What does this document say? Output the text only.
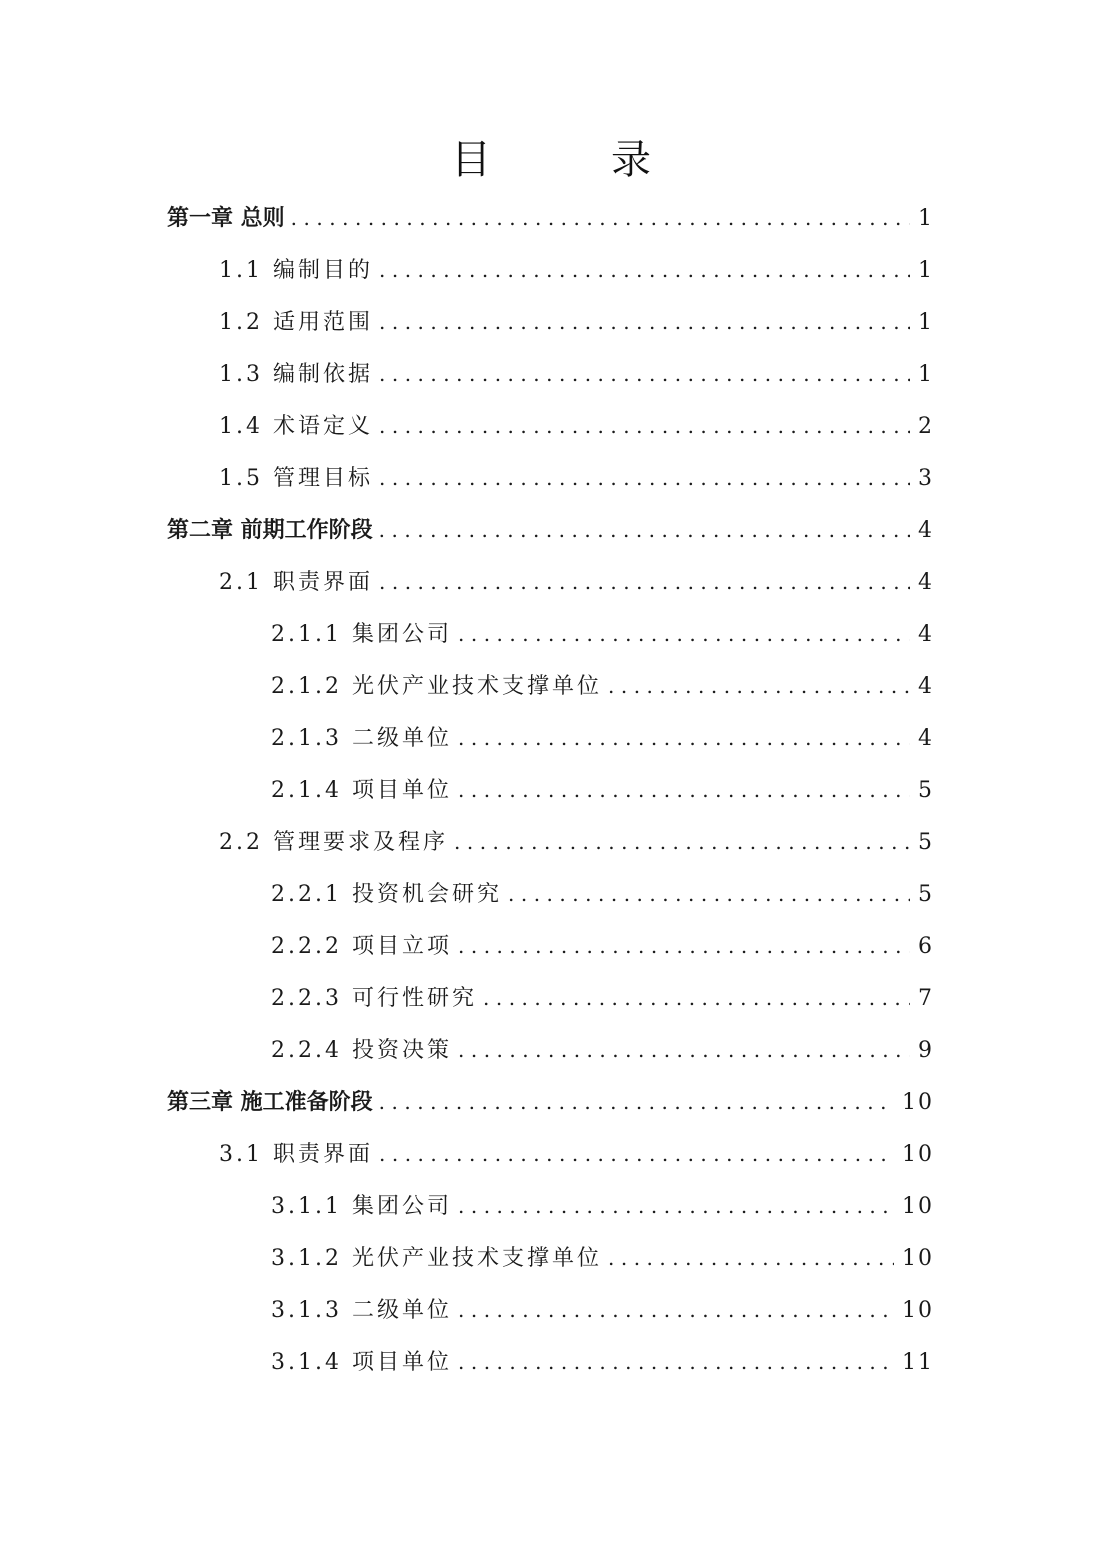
目　录
第一章 总则 .....	1
1.1 编制目的 .....	1
1.2 适用范围 .....	1
1.3 编制依据 .....	1
1.4 术语定义 .....	2
1.5 管理目标 .....	3
第二章 前期工作阶段 .....	4
2.1 职责界面 .....	4
2.1.1 集团公司 .....	4
2.1.2 光伏产业技术支撑单位 .....	4
2.1.3 二级单位 .....	4
2.1.4 项目单位 .....	5
2.2 管理要求及程序 .....	5
2.2.1 投资机会研究 .....	5
2.2.2 项目立项 .....	6
2.2.3 可行性研究 .....	7
2.2.4 投资决策 .....	9
第三章 施工准备阶段 .....	10
3.1 职责界面 .....	10
3.1.1 集团公司 .....	10
3.1.2 光伏产业技术支撑单位 .....	10
3.1.3 二级单位 .....	10
3.1.4 项目单位 .....	11
